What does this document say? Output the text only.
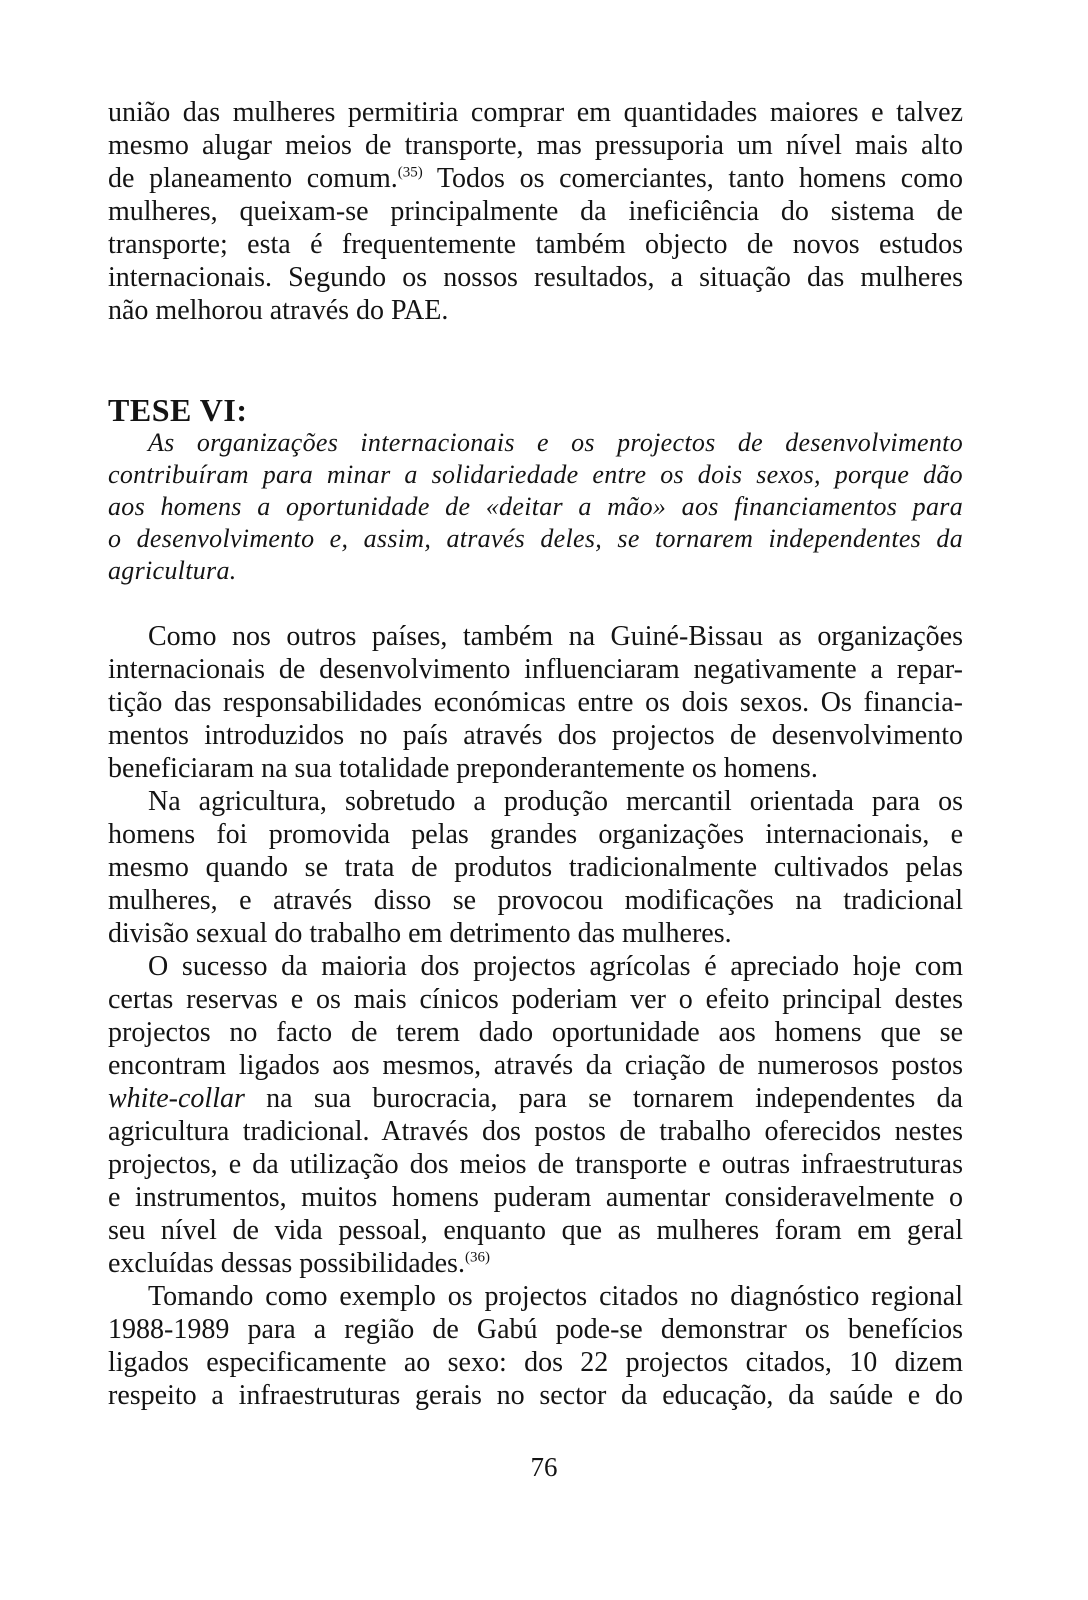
união das mulheres permitiria comprar em quantidades maiores e talvez
mesmo alugar meios de transporte, mas pressuporia um nível mais alto
de planeamento comum.$^{(35)}$ Todos os comerciantes, tanto homens como
mulheres, queixam-se principalmente da ineficiência do sistema de
transporte; esta é frequentemente também objecto de novos estudos
internacionais. Segundo os nossos resultados, a situação das mulheres
não melhorou através do PAE.
TESE VI:
As organizações internacionais e os projectos de desenvolvimento
contribuíram para minar a solidariedade entre os dois sexos, porque dão
aos homens a oportunidade de «deitar a mão» aos financiamentos para
o desenvolvimento e, assim, através deles, se tornarem independentes da
agricultura.
Como nos outros países, também na Guiné-Bissau as organizações
internacionais de desenvolvimento influenciaram negativamente a repar-
tição das responsabilidades económicas entre os dois sexos. Os financia-
mentos introduzidos no país através dos projectos de desenvolvimento
beneficiaram na sua totalidade preponderantemente os homens.
Na agricultura, sobretudo a produção mercantil orientada para os
homens foi promovida pelas grandes organizações internacionais, e
mesmo quando se trata de produtos tradicionalmente cultivados pelas
mulheres, e através disso se provocou modificações na tradicional
divisão sexual do trabalho em detrimento das mulheres.
O sucesso da maioria dos projectos agrícolas é apreciado hoje com
certas reservas e os mais cínicos poderiam ver o efeito principal destes
projectos no facto de terem dado oportunidade aos homens que se
encontram ligados aos mesmos, através da criação de numerosos postos
white-collar na sua burocracia, para se tornarem independentes da
agricultura tradicional. Através dos postos de trabalho oferecidos nestes
projectos, e da utilização dos meios de transporte e outras infraestruturas
e instrumentos, muitos homens puderam aumentar consideravelmente o
seu nível de vida pessoal, enquanto que as mulheres foram em geral
excluídas dessas possibilidades.$^{(36)}$
Tomando como exemplo os projectos citados no diagnóstico regional
1988-1989 para a região de Gabú pode-se demonstrar os benefícios
ligados especificamente ao sexo: dos 22 projectos citados, 10 dizem
respeito a infraestruturas gerais no sector da educação, da saúde e do
76
